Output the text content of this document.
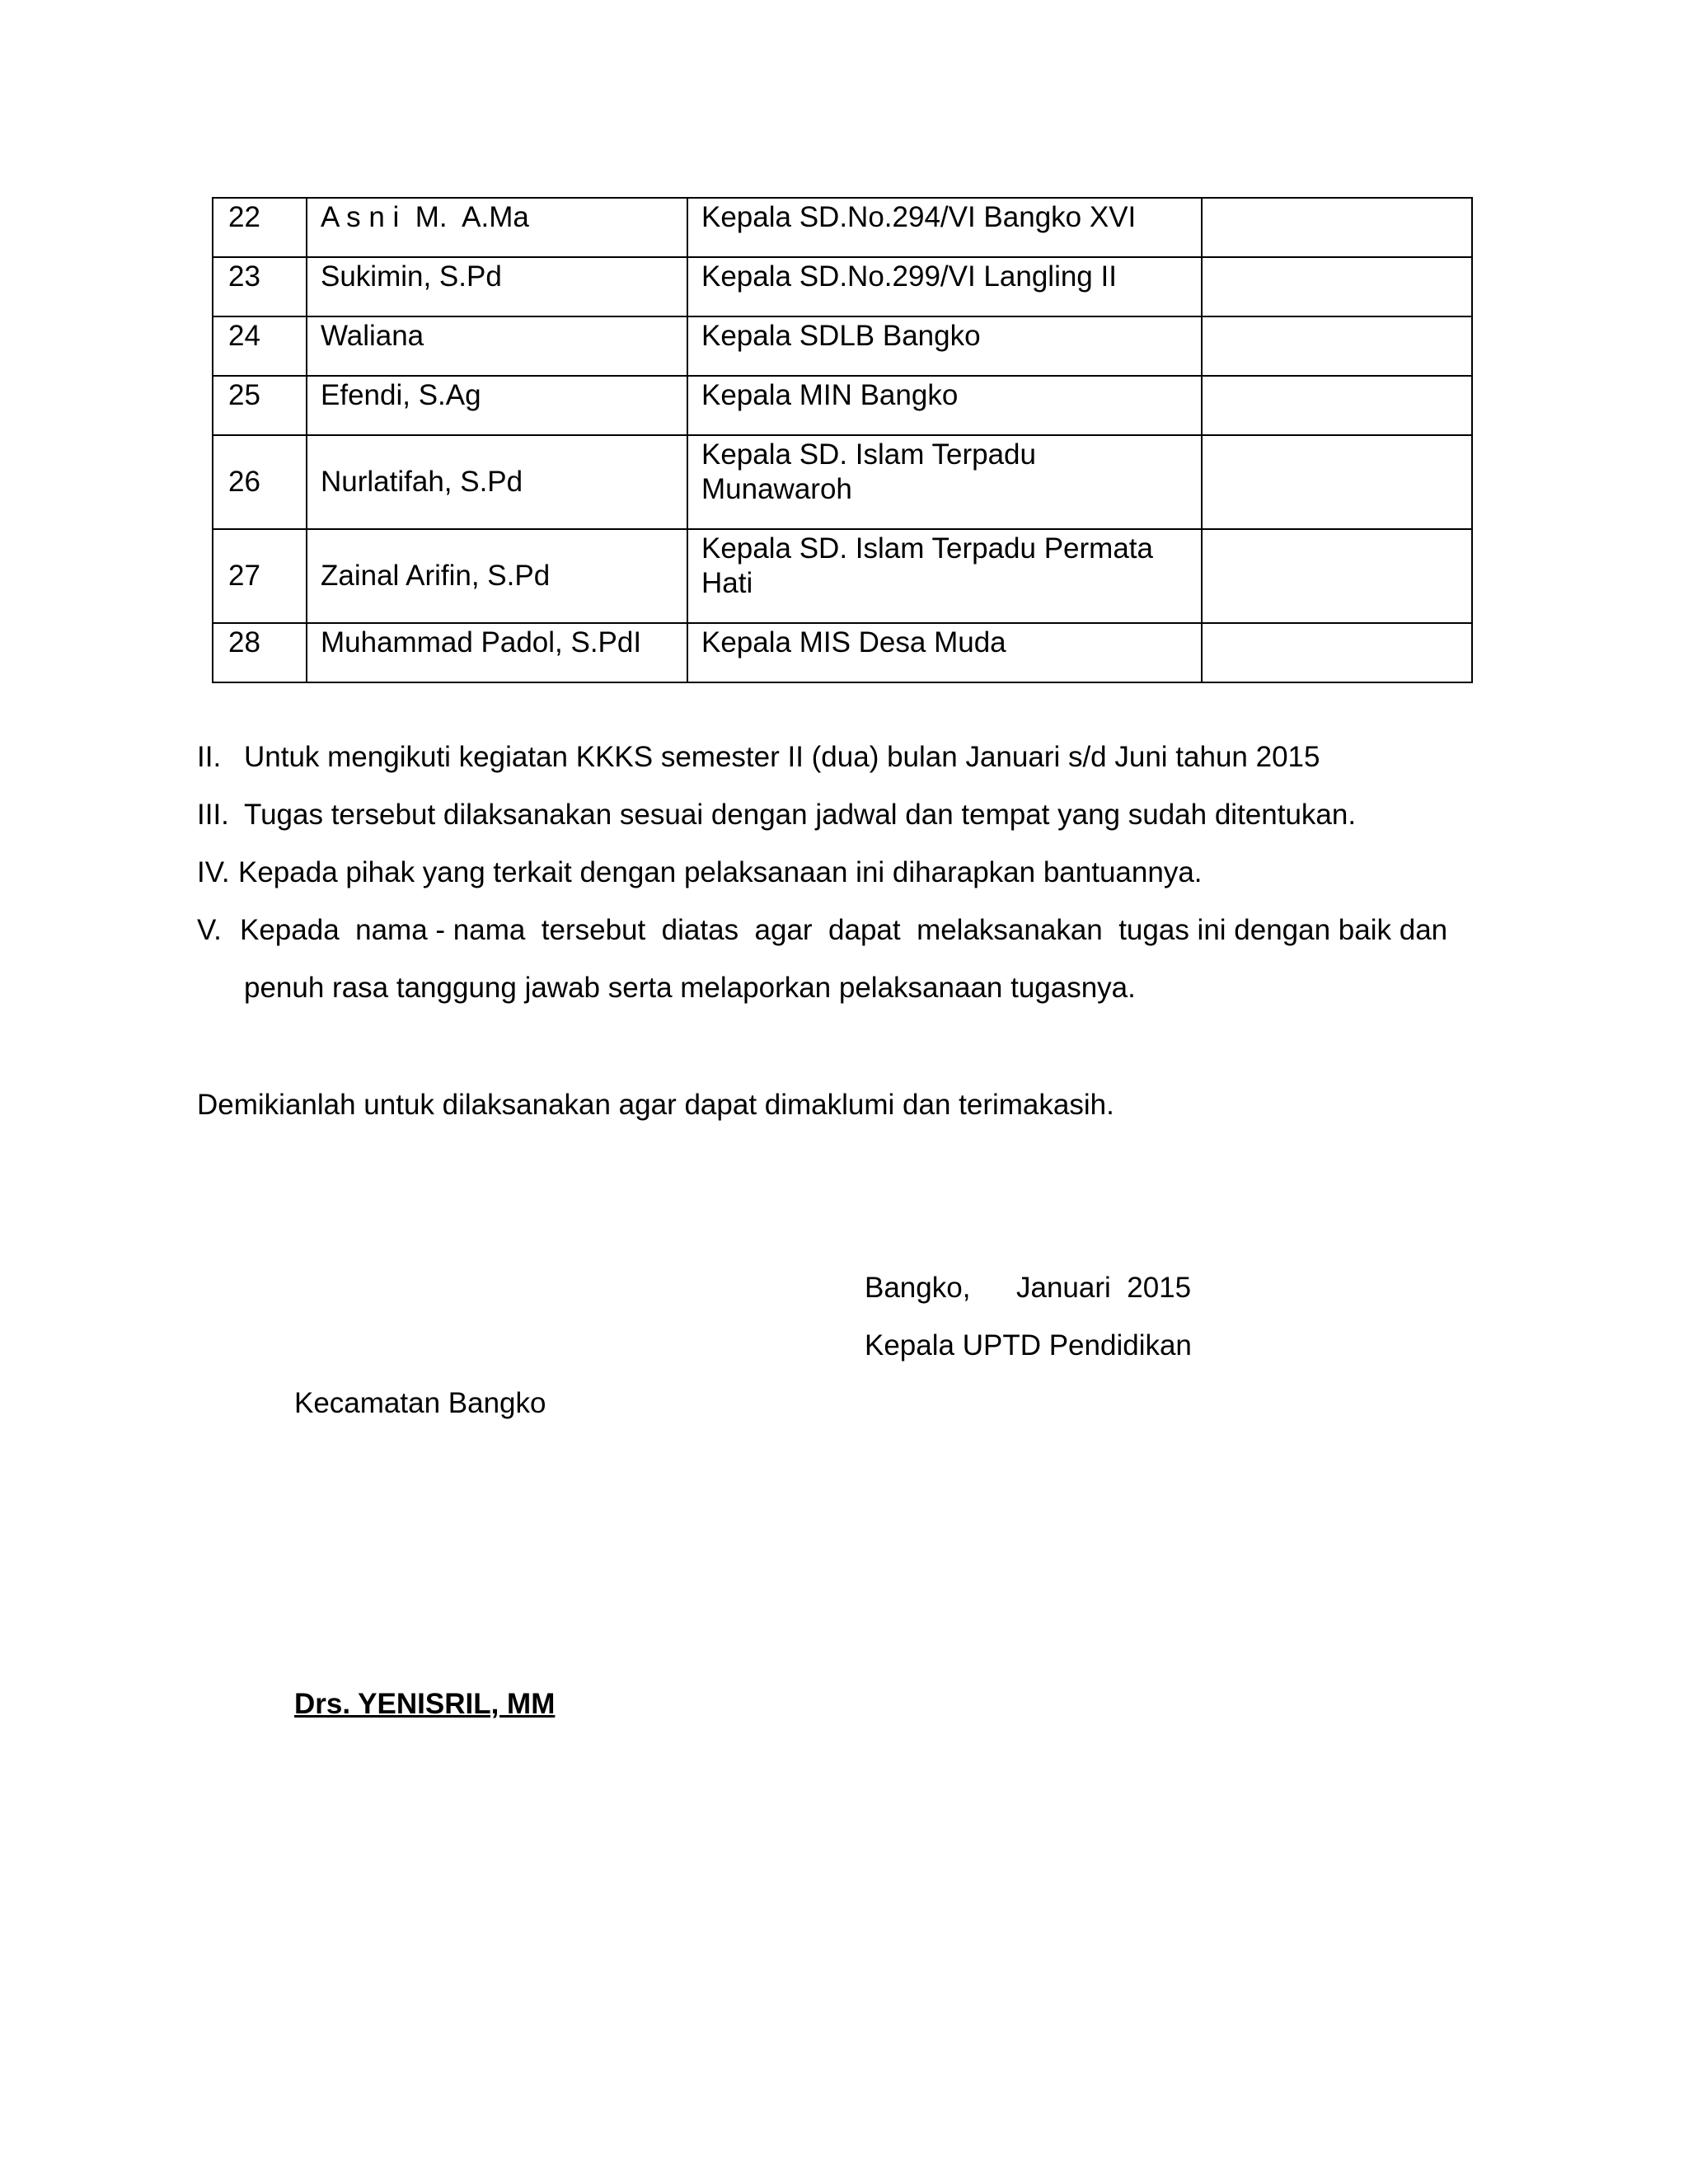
22	A s n i  M.  A.Ma	Kepala SD.No.294/VI Bangko XVI	
23	Sukimin, S.Pd	Kepala SD.No.299/VI Langling II	
24	Waliana	Kepala SDLB Bangko	
25	Efendi, S.Ag	Kepala MIN Bangko	
26	Nurlatifah, S.Pd	Kepala SD. Islam Terpadu
Munawaroh	

27	Zainal Arifin, S.Pd	Kepala SD. Islam Terpadu Permata
Hati	

28	Muhammad Padol, S.PdI	Kepala MIS Desa Muda	
II. Untuk mengikuti kegiatan KKKS semester II (dua) bulan Januari s/d Juni tahun 2015
III. Tugas tersebut dilaksanakan sesuai dengan jadwal dan tempat yang sudah ditentukan.
IV. Kepada pihak yang terkait dengan pelaksanaan ini diharapkan bantuannya.
V. Kepada  nama - nama  tersebut  diatas  agar  dapat  melaksanakan  tugas ini dengan baik dan
penuh rasa tanggung jawab serta melaporkan pelaksanaan tugasnya.
Demikianlah untuk dilaksanakan agar dapat dimaklumi dan terimakasih.
Bangko, Januari  2015
Kepala UPTD Pendidikan
Kecamatan Bangko
Drs. YENISRIL, MM
